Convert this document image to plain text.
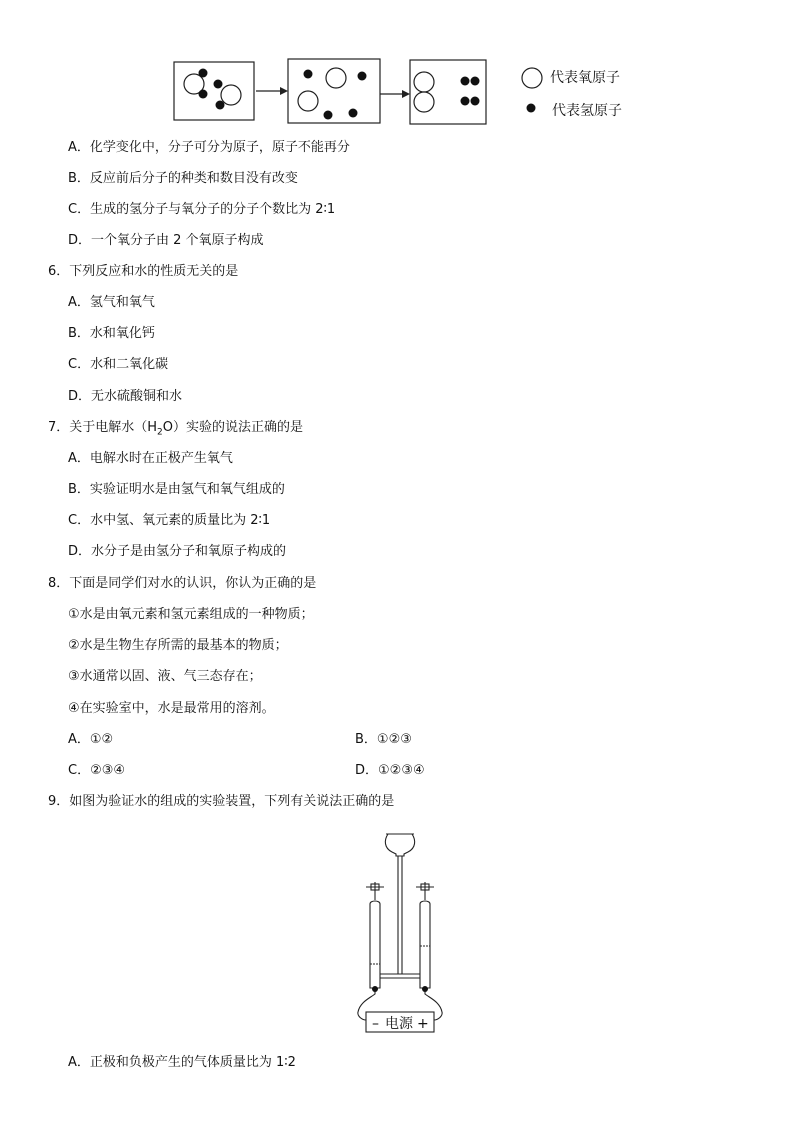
代表氧原子
代表氢原子
A．化学变化中，分子可分为原子，原子不能再分
B．反应前后分子的种类和数目没有改变
C．生成的氢分子与氧分子的分子个数比为 2∶1
D．一个氧分子由 2 个氧原子构成
6．下列反应和水的性质无关的是
A．氢气和氧气
B．水和氧化钙
C．水和二氧化碳
D．无水硫酸铜和水
7．关于电解水$(H_2O)$实验的说法正确的是
A．电解水时在正极产生氧气
B．实验证明水是由氢气和氧气组成的
C．水中氢、氧元素的质量比为 2∶1
D．水分子是由氢分子和氧原子构成的
8．下面是同学们对水的认识，你认为正确的是
①水是由氧元素和氢元素组成的一种物质；
②水是生物生存所需的最基本的物质；
③水通常以固、液、气三态存在；
④在实验室中，水是最常用的溶剂。
A．①②	B．①②③
C．②③④	D．①②③④
9．如图为验证水的组成的实验装置，下列有关说法正确的是
– 电源 +
A．正极和负极产生的气体质量比为 1∶2
